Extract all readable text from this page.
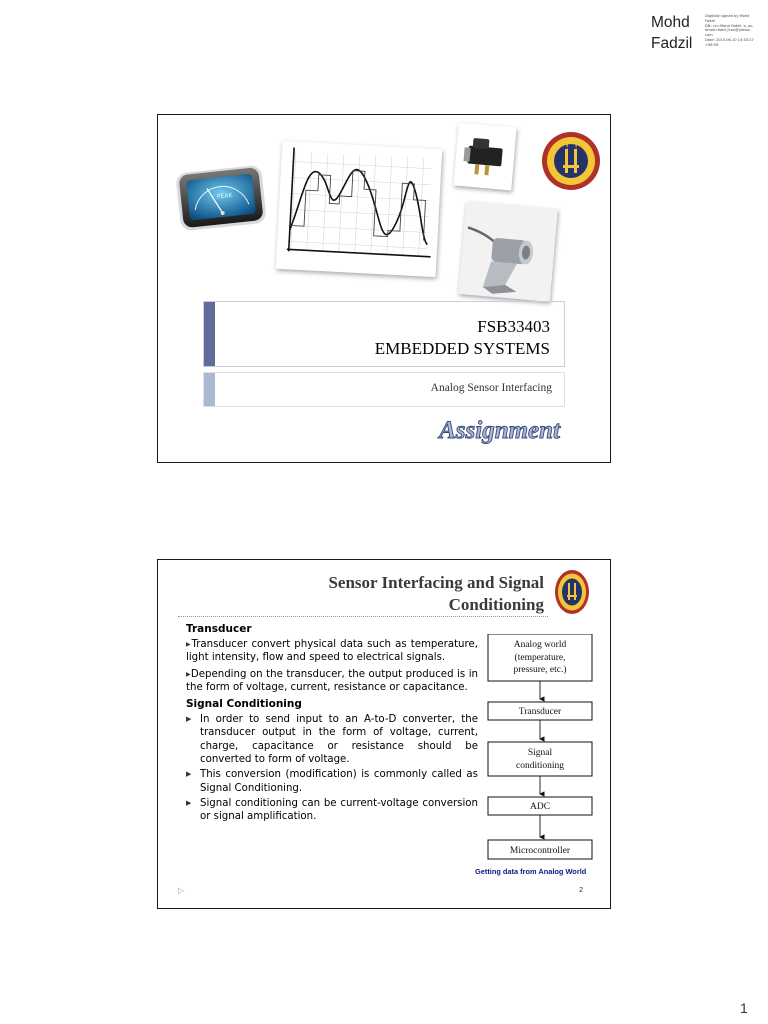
Mohd
Fadzil
Digitally signed by Mohd
Fadzil
DN: cn=Mohd Fadzil, o, ou,
email=fsbd_fcan@yahoo.
com
Date: 2015.06.10 14:33:27
+08'00'
PEAK
FSB33403
EMBEDDED SYSTEMS
Analog Sensor Interfacing
Assignment
Sensor Interfacing and Signal
Conditioning
Transducer
▶Transducer convert physical data such as temperature, light intensity, flow and speed to electrical signals.
▶Depending on the transducer, the output produced is in the form of voltage, current, resistance or capacitance.
Signal Conditioning
▶ In order to send input to an A-to-D converter, the transducer output in the form of voltage, current, charge, capacitance or resistance should be converted to form of voltage.
▶ This conversion (modification) is commonly called as Signal Conditioning.
▶ Signal conditioning can be current-voltage conversion or signal amplification.
Analog world
(temperature,
pressure, etc.)
Transducer
Signal
conditioning
ADC
Microcontroller
Getting data from Analog World
▷	2
1
